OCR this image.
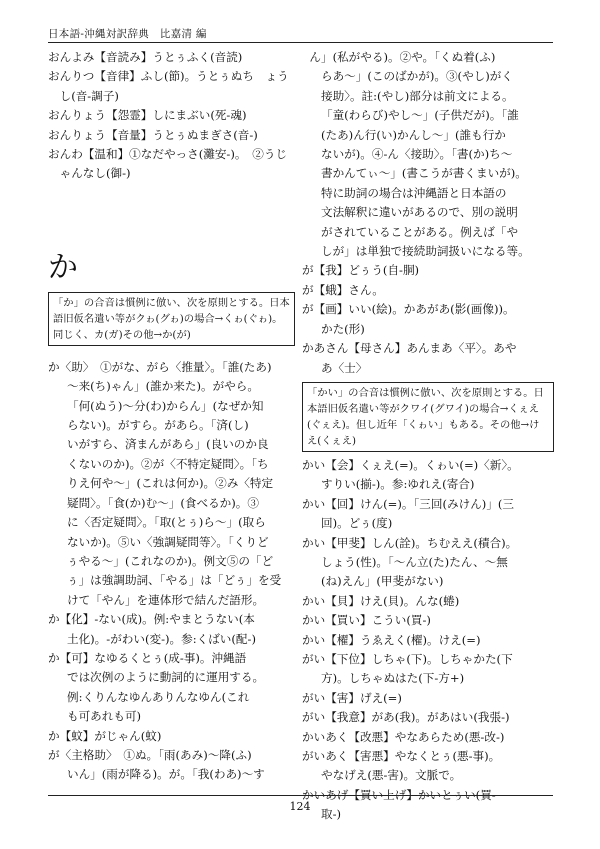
日本語-沖縄対訳辞典　比嘉清 編

おんよみ【音読み】うとぅふく(音読)

おんりつ【音律】ふし(節)。うとぅぬち　ょうし(音-調子)

おんりょう【怨霊】しにまぶい(死-魂)

おんりょう【音量】うとぅぬまぎさ(音-)

おんわ【温和】①なだやっさ(灘安-)。　②うじゃんなし(御-)

か
「か」の合音は慣例に倣い、次を原則とする。日本語旧仮名遣い等がクゎ(グゎ)の場合→くゎ(ぐゎ)。同じく、カ(ガ)その他→か(が)

か〈助〉　①がな、がら〈推量〉。「誰(たあ)
～来(ち)ゃん」(誰か来た)。がやら。
「何(ぬう)～分(わ)からん」(なぜか知
らない)。がすら。があら。「済(し)
いがすら、済まんがあら」(良いのか良
くないのか)。②が〈不特定疑問〉。「ち
りえ何や～」(これは何か)。②み〈特定
疑問〉。「食(か)む～」(食べるか)。③
に〈否定疑問〉。「取(とぅ)ら～」(取ら
ないか)。⑤い〈強調疑問等〉。「くりど
ぅやる～」(これなのか)。例文⑤の「ど
ぅ」は強調助詞、「やる」は「どぅ」を受
けて「やん」を連体形で結んだ語形。

か【化】-ない(成)。例:やまとうない(本
土化)。-がわい(変-)。参:くばい(配-)

か【可】なゆるくとぅ(成-事)。沖縄語
では次例のように動詞的に運用する。
例:くりんなゆんありんなゆん(これ
も可あれも可)

か【蚊】がじゃん(蚊)

が〈主格助〉　①ぬ。「雨(あみ)～降(ふ)
いん」(雨が降る)。が。「我(わあ)～す

ん」(私がやる)。②や。「くぬ着(ふ)
らあ～」(このばかが)。③(やし)がく
接助〉。註:(やし)部分は前文による。
「童(わらび)やし～」(子供だが)。「誰
(たあ)ん行(い)かんし～」(誰も行か
ないが)。④-ん〈接助〉。「書(か)ち～
書かんてぃ～」(書こうが書くまいが)。
特に助詞の場合は沖縄語と日本語の
文法解釈に違いがあるので、別の説明
がされていることがある。例えば「や
しが」は単独で接続助詞扱いになる等。

が【我】どぅう(自-胴)

が【蛾】さん。

が【画】いい(絵)。かあがあ(影(画像))。
かた(形)

かあさん【母さん】あんまあ〈平〉。あや
あ〈士〉

「かい」の合音は慣例に倣い、次を原則とする。日本語旧仮名遣い等がクワイ(グワイ)の場合→くぇえ(ぐぇえ)。但し近年「くゎい」もある。その他→けえ(くぇえ)

かい【会】くぇえ(=)。くゎい(=)〈新〉。
すりい(揃-)。参:ゆれえ(寄合)

かい【回】けん(=)。「三回(みけん)」(三
回)。どぅ(度)

かい【甲斐】しん(詮)。ちむええ(積合)。
しょう(性)。「～ん立(た)たん、～無
(ね)えん」(甲斐がない)

かい【貝】けえ(貝)。んな(蜷)

かい【買い】こうい(買-)

かい【櫂】うゑえく(櫂)。けえ(=)

がい【下位】しちゃ(下)。しちゃかた(下
方)。しちゃぬはた(下-方+)

がい【害】げえ(=)

がい【我意】があ(我)。があはい(我張-)

かいあく【改悪】やなあらため(悪-改-)

がいあく【害悪】やなくとぅ(悪-事)。
やなげえ(悪-害)。文脈で。

かいあげ【買い上げ】かいとぅい(買-
取-)

124
